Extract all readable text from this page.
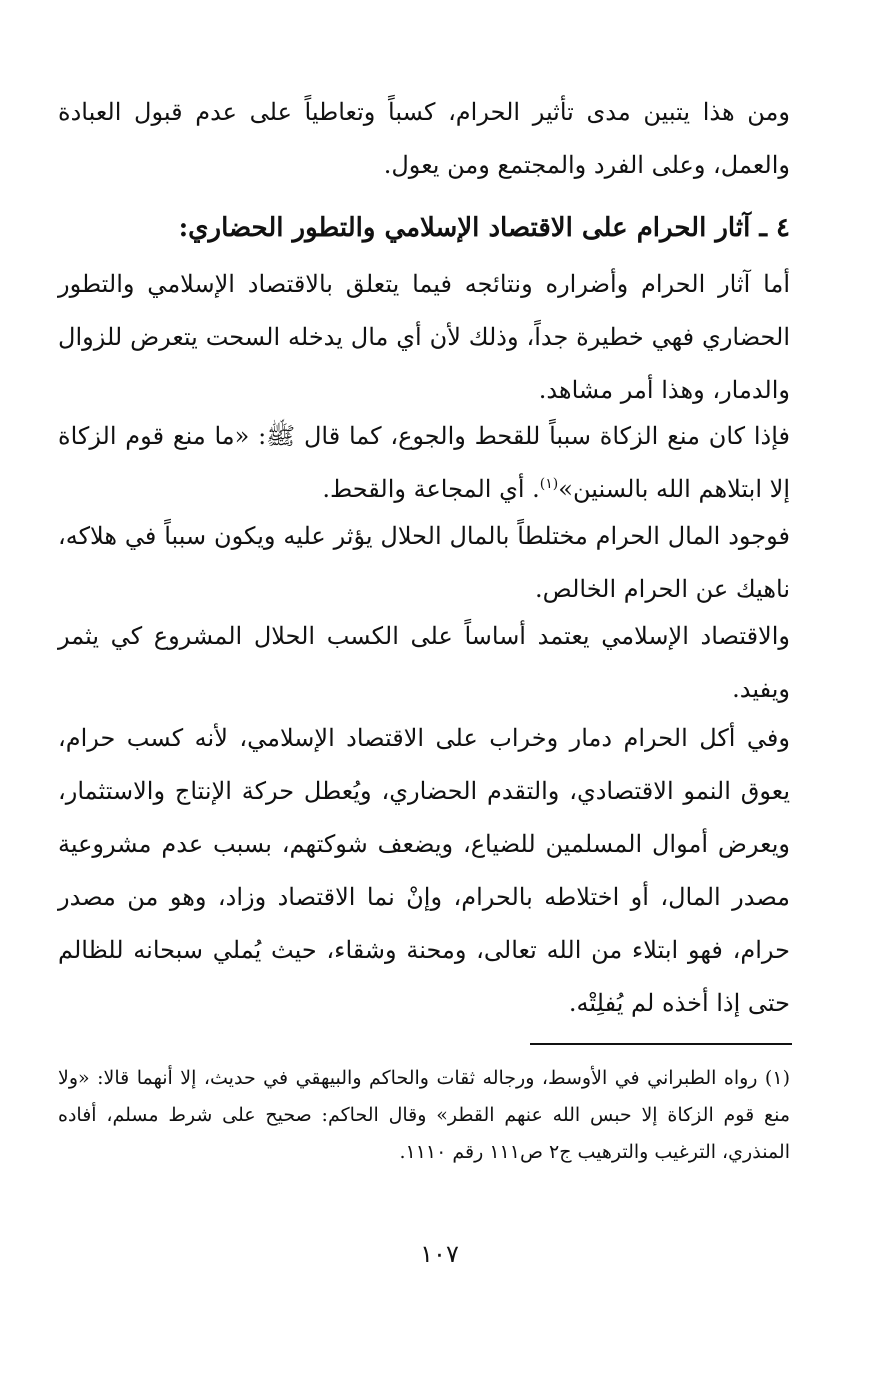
ومن هذا يتبين مدى تأثير الحرام، كسباً وتعاطياً على عدم قبول العبادة والعمل، وعلى الفرد والمجتمع ومن يعول.

٤ ـ آثار الحرام على الاقتصاد الإسلامي والتطور الحضاري:

أما آثار الحرام وأضراره ونتائجه فيما يتعلق بالاقتصاد الإسلامي والتطور الحضاري فهي خطيرة جداً، وذلك لأن أي مال يدخله السحت يتعرض للزوال والدمار، وهذا أمر مشاهد.

فإذا كان منع الزكاة سبباً للقحط والجوع، كما قال ﷺ: «ما منع قوم الزكاة إلا ابتلاهم الله بالسنين»$^{(١)}$. أي المجاعة والقحط.

فوجود المال الحرام مختلطاً بالمال الحلال يؤثر عليه ويكون سبباً في هلاكه، ناهيك عن الحرام الخالص.

والاقتصاد الإسلامي يعتمد أساساً على الكسب الحلال المشروع كي يثمر ويفيد.

وفي أكل الحرام دمار وخراب على الاقتصاد الإسلامي، لأنه كسب حرام، يعوق النمو الاقتصادي، والتقدم الحضاري، ويُعطل حركة الإنتاج والاستثمار، ويعرض أموال المسلمين للضياع، ويضعف شوكتهم، بسبب عدم مشروعية مصدر المال، أو اختلاطه بالحرام، وإنْ نما الاقتصاد وزاد، وهو من مصدر حرام، فهو ابتلاء من الله تعالى، ومحنة وشقاء، حيث يُملي سبحانه للظالم حتى إذا أخذه لم يُفلِتْه.

(١) رواه الطبراني في الأوسط، ورجاله ثقات والحاكم والبيهقي في حديث، إلا أنهما قالا: «ولا منع قوم الزكاة إلا حبس الله عنهم القطر» وقال الحاكم: صحيح على شرط مسلم، أفاده المنذري، الترغيب والترهيب ج٢ ص١١١ رقم ١١١٠.

١٠٧
